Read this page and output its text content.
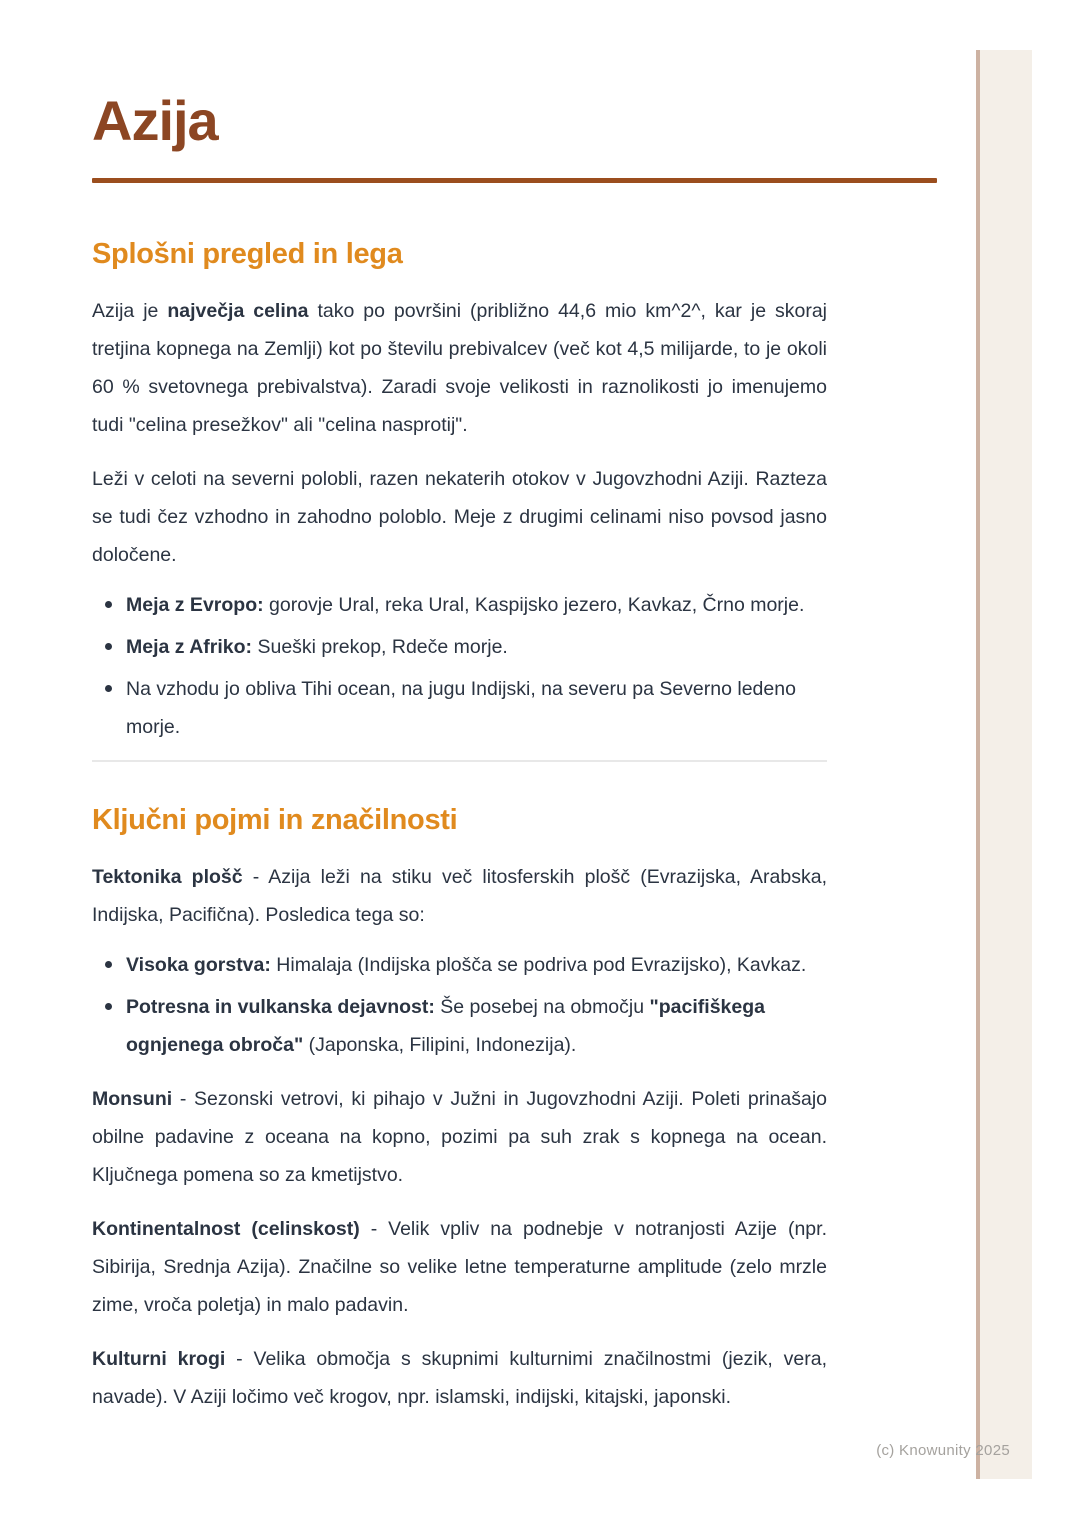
(c) Knowunity 2025
Azija
Splošni pregled in lega

Azija je največja celina tako po površini (približno 44,6 mio km^2^, kar je skoraj tretjina kopnega na Zemlji) kot po številu prebivalcev (več kot 4,5 milijarde, to je okoli 60 % svetovnega prebivalstva). Zaradi svoje velikosti in raznolikosti jo imenujemo tudi "celina presežkov" ali "celina nasprotij".

Leži v celoti na severni polobli, razen nekaterih otokov v Jugovzhodni Aziji. Razteza se tudi čez vzhodno in zahodno poloblo. Meje z drugimi celinami niso povsod jasno določene.

Meja z Evropo: gorovje Ural, reka Ural, Kaspijsko jezero, Kavkaz, Črno morje.
Meja z Afriko: Sueški prekop, Rdeče morje.
Na vzhodu jo obliva Tihi ocean, na jugu Indijski, na severu pa Severno ledeno morje.
Ključni pojmi in značilnosti

Tektonika plošč - Azija leži na stiku več litosferskih plošč (Evrazijska, Arabska, Indijska, Pacifična). Posledica tega so:

Visoka gorstva: Himalaja (Indijska plošča se podriva pod Evrazijsko), Kavkaz.
Potresna in vulkanska dejavnost: Še posebej na območju "pacifiškega ognjenega obroča" (Japonska, Filipini, Indonezija).

Monsuni - Sezonski vetrovi, ki pihajo v Južni in Jugovzhodni Aziji. Poleti prinašajo obilne padavine z oceana na kopno, pozimi pa suh zrak s kopnega na ocean. Ključnega pomena so za kmetijstvo.

Kontinentalnost (celinskost) - Velik vpliv na podnebje v notranjosti Azije (npr. Sibirija, Srednja Azija). Značilne so velike letne temperaturne amplitude (zelo mrzle zime, vroča poletja) in malo padavin.

Kulturni krogi - Velika območja s skupnimi kulturnimi značilnostmi (jezik, vera, navade). V Aziji ločimo več krogov, npr. islamski, indijski, kitajski, japonski.
